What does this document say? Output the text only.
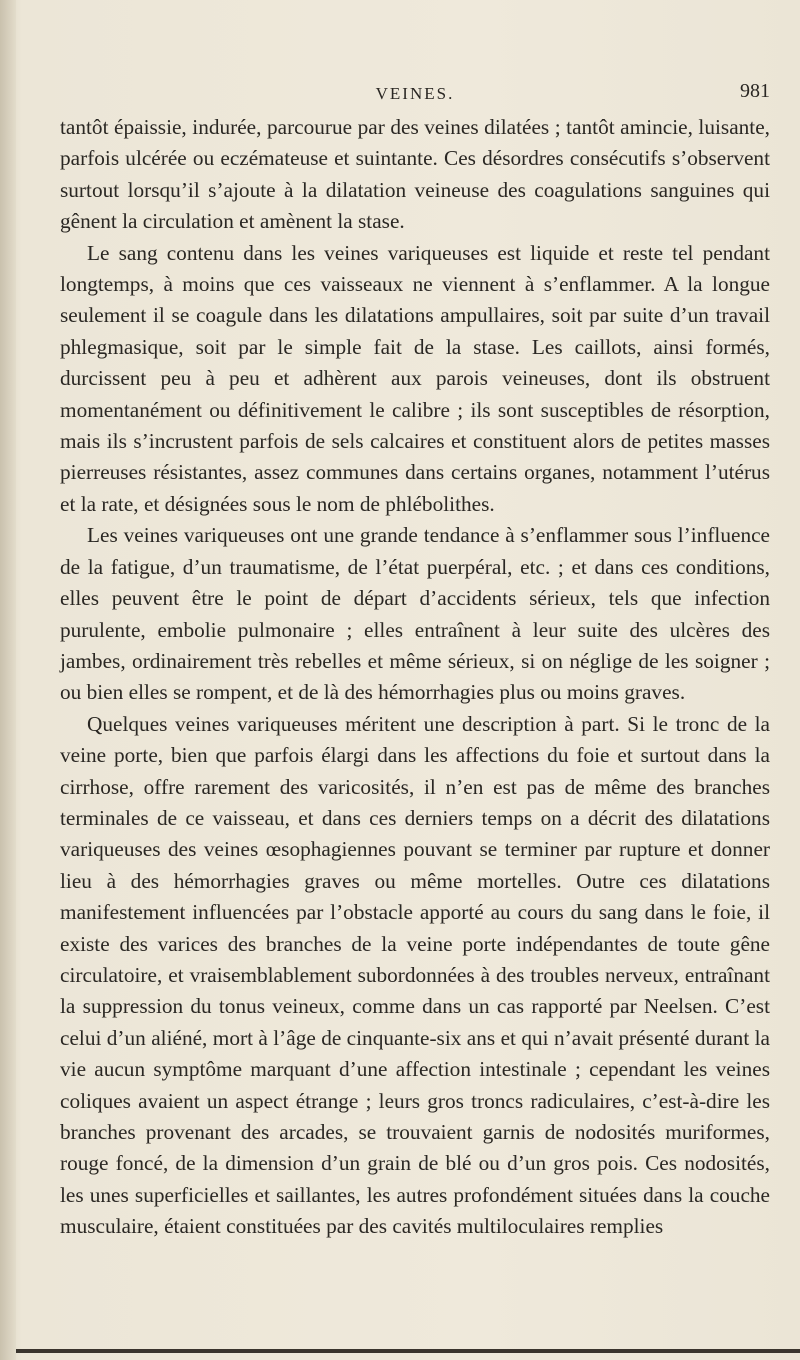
VEINES.	981

tantôt épaissie, indurée, parcourue par des veines dilatées ; tantôt amincie, luisante, parfois ulcérée ou eczémateuse et suintante. Ces désordres consécutifs s’observent surtout lorsqu’il s’ajoute à la dilatation veineuse des coagulations sanguines qui gênent la circulation et amènent la stase.

Le sang contenu dans les veines variqueuses est liquide et reste tel pendant longtemps, à moins que ces vaisseaux ne viennent à s’enflammer. A la longue seulement il se coagule dans les dilatations ampullaires, soit par suite d’un travail phlegmasique, soit par le simple fait de la stase. Les caillots, ainsi formés, durcissent peu à peu et adhèrent aux parois veineuses, dont ils obstruent momentanément ou définitivement le calibre ; ils sont susceptibles de résorption, mais ils s’incrustent parfois de sels calcaires et constituent alors de petites masses pierreuses résistantes, assez communes dans certains organes, notamment l’utérus et la rate, et désignées sous le nom de phlébolithes.

Les veines variqueuses ont une grande tendance à s’enflammer sous l’influence de la fatigue, d’un traumatisme, de l’état puerpéral, etc. ; et dans ces conditions, elles peuvent être le point de départ d’accidents sérieux, tels que infection purulente, embolie pulmonaire ; elles entraînent à leur suite des ulcères des jambes, ordinairement très rebelles et même sérieux, si on néglige de les soigner ; ou bien elles se rompent, et de là des hémorrhagies plus ou moins graves.

Quelques veines variqueuses méritent une description à part. Si le tronc de la veine porte, bien que parfois élargi dans les affections du foie et surtout dans la cirrhose, offre rarement des varicosités, il n’en est pas de même des branches terminales de ce vaisseau, et dans ces derniers temps on a décrit des dilatations variqueuses des veines œsophagiennes pouvant se terminer par rupture et donner lieu à des hémorrhagies graves ou même mortelles. Outre ces dilatations manifestement influencées par l’obstacle apporté au cours du sang dans le foie, il existe des varices des branches de la veine porte indépendantes de toute gêne circulatoire, et vraisemblablement subordonnées à des troubles nerveux, entraînant la suppression du tonus veineux, comme dans un cas rapporté par Neelsen. C’est celui d’un aliéné, mort à l’âge de cinquante-six ans et qui n’avait présenté durant la vie aucun symptôme marquant d’une affection intestinale ; cependant les veines coliques avaient un aspect étrange ; leurs gros troncs radiculaires, c’est-à-dire les branches provenant des arcades, se trouvaient garnis de nodosités muriformes, rouge foncé, de la dimension d’un grain de blé ou d’un gros pois. Ces nodosités, les unes superficielles et saillantes, les autres profondément situées dans la couche musculaire, étaient constituées par des cavités multiloculaires remplies
